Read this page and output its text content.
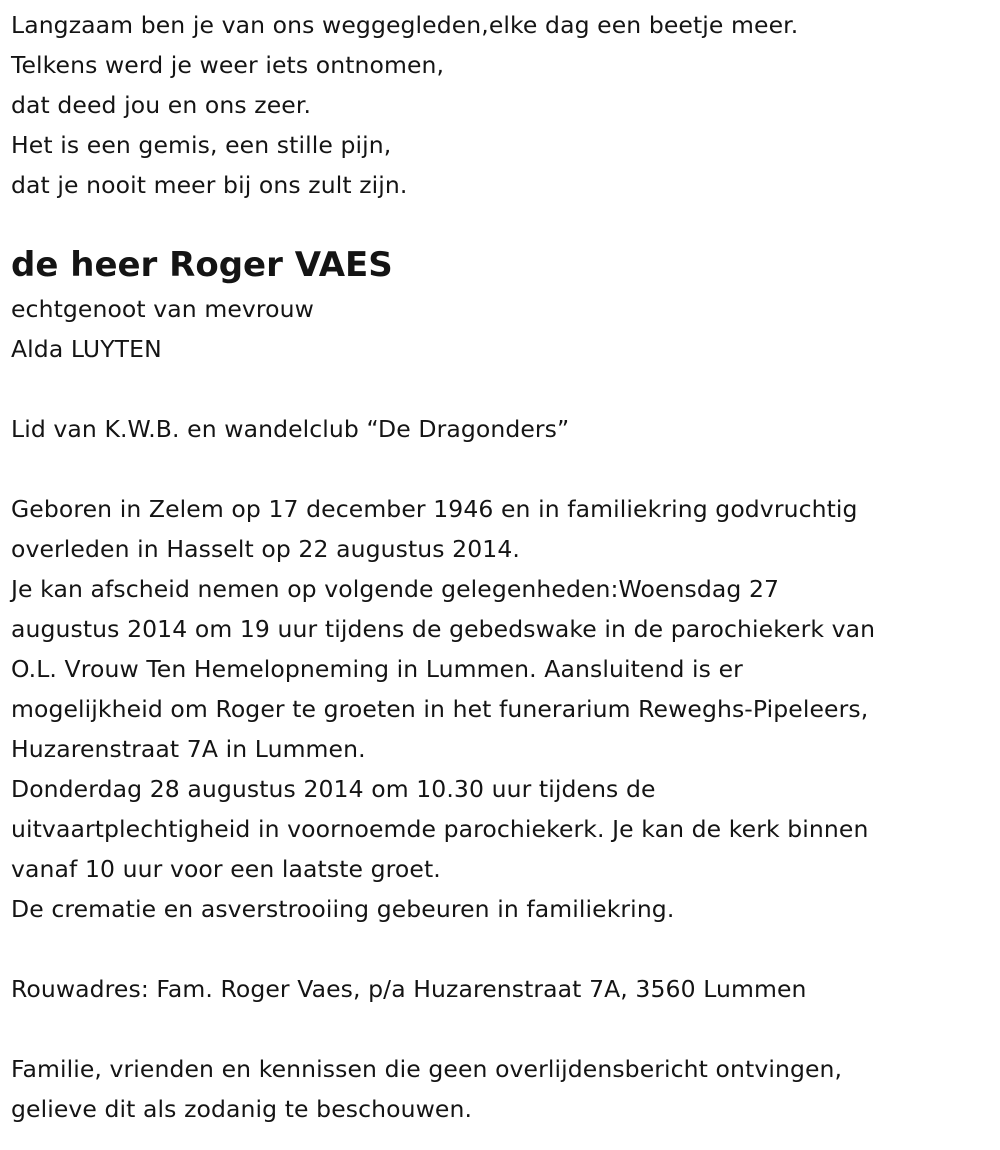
Langzaam ben je van ons weggegleden,elke dag een beetje meer.

Telkens werd je weer iets ontnomen,

dat deed jou en ons zeer.

Het is een gemis, een stille pijn,

dat je nooit meer bij ons zult zijn.

de heer Roger VAES

echtgenoot van mevrouw

Alda LUYTEN

Lid van K.W.B. en wandelclub “De Dragonders”

Geboren in Zelem op 17 december 1946 en in familiekring godvruchtig

overleden in Hasselt op 22 augustus 2014.

Je kan afscheid nemen op volgende gelegenheden:Woensdag 27

augustus 2014 om 19 uur tijdens de gebedswake in de parochiekerk van

O.L. Vrouw Ten Hemelopneming in Lummen. Aansluitend is er

mogelijkheid om Roger te groeten in het funerarium Reweghs-Pipeleers,

Huzarenstraat 7A in Lummen.

Donderdag 28 augustus 2014 om 10.30 uur tijdens de

uitvaartplechtigheid in voornoemde parochiekerk. Je kan de kerk binnen

vanaf 10 uur voor een laatste groet.

De crematie en asverstrooiing gebeuren in familiekring.

Rouwadres: Fam. Roger Vaes, p/a Huzarenstraat 7A, 3560 Lummen

Familie, vrienden en kennissen die geen overlijdensbericht ontvingen,

gelieve dit als zodanig te beschouwen.
